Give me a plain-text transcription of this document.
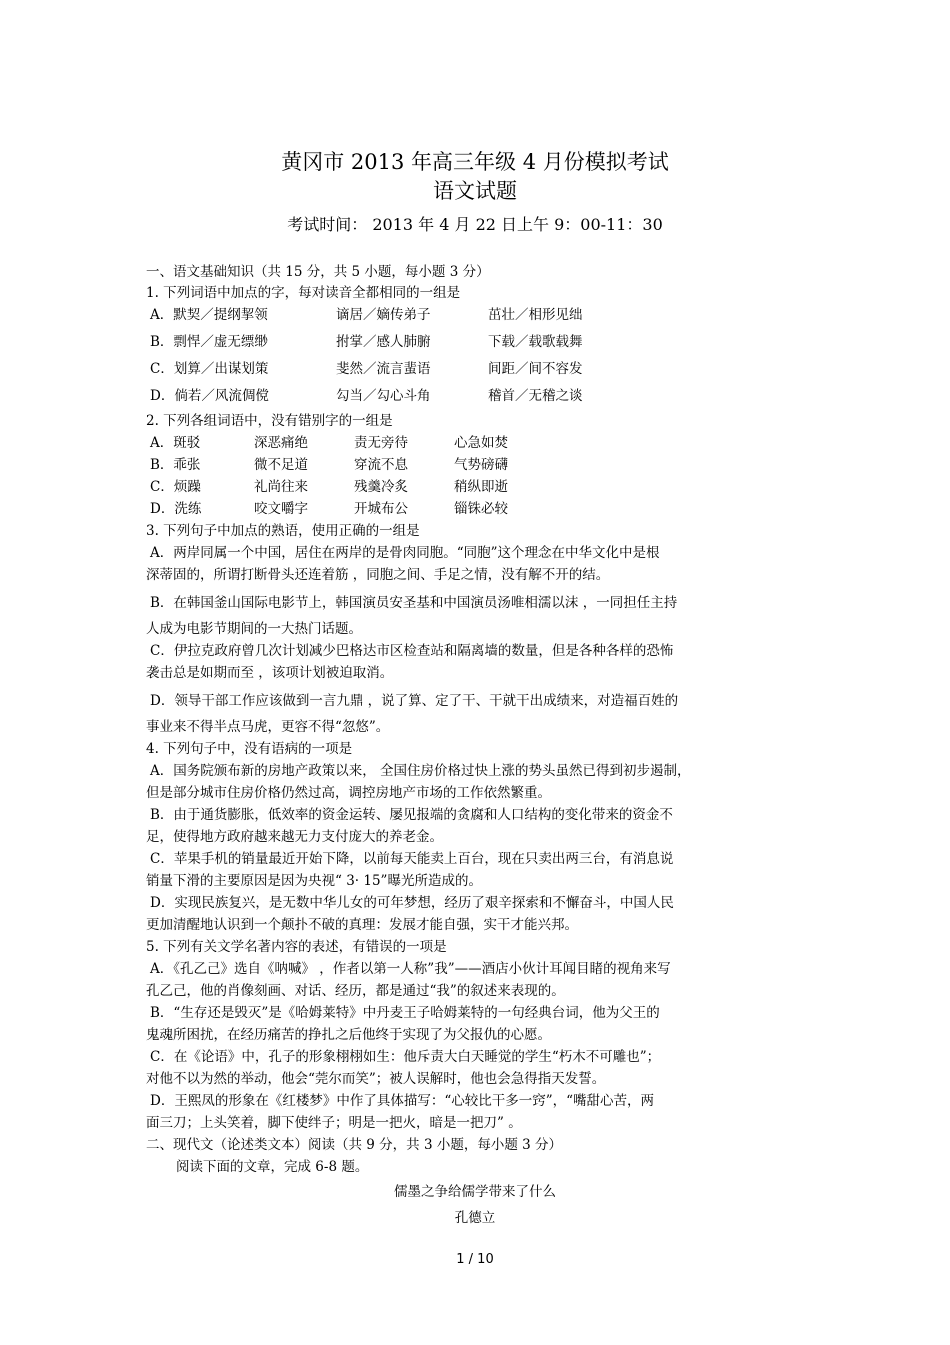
黄冈市 2013 年高三年级 4 月份模拟考试
语文试题
考试时间： 2013 年 4 月 22 日上午 9：00-11：30
一、语文基础知识（共 15 分，共 5 小题，每小题 3 分）
1. 下列词语中加点的字，每对读音全都相同的一组是
A．默契／提纲挈领	谪居／嫡传弟子	茁壮／相形见绌
B．剽悍／虚无缥缈	拊掌／感人肺腑	下载／载歌载舞
C．划算／出谋划策	斐然／流言蜚语	间距／间不容发
D．倘若／风流倜傥	勾当／勾心斗角	稽首／无稽之谈
2. 下列各组词语中，没有错别字的一组是
A．斑驳	深恶痛绝	责无旁待	心急如焚
B．乖张	微不足道	穿流不息	气势磅礴
C．烦躁	礼尚往来	残羹冷炙	稍纵即逝
D．洗练	咬文嚼字	开城布公	锱铢必较
3. 下列句子中加点的熟语，使用正确的一组是
A．两岸同属一个中国，居住在两岸的是骨肉同胞。“同胞”这个理念在中华文化中是根
深蒂固的，所谓打断骨头还连着筋 ，同胞之间、手足之情，没有解不开的结。
B．在韩国釜山国际电影节上，韩国演员安圣基和中国演员汤唯相濡以沫 ，一同担任主持
人成为电影节期间的一大热门话题。
C．伊拉克政府曾几次计划减少巴格达市区检查站和隔离墙的数量，但是各种各样的恐怖
袭击总是如期而至 ，该项计划被迫取消。
D．领导干部工作应该做到一言九鼎 ，说了算、定了干、干就干出成绩来，对造福百姓的
事业来不得半点马虎，更容不得“忽悠”。
4. 下列句子中，没有语病的一项是
A．国务院颁布新的房地产政策以来， 全国住房价格过快上涨的势头虽然已得到初步遏制，
但是部分城市住房价格仍然过高，调控房地产市场的工作依然繁重。
B．由于通货膨胀，低效率的资金运转、屡见报端的贪腐和人口结构的变化带来的资金不
足，使得地方政府越来越无力支付庞大的养老金。
C．苹果手机的销量最近开始下降，以前每天能卖上百台，现在只卖出两三台，有消息说
销量下滑的主要原因是因为央视“ 3· 15”曝光所造成的。
D．实现民族复兴，是无数中华儿女的可年梦想，经历了艰辛探索和不懈奋斗，中国人民
更加清醒地认识到一个颠扑不破的真理：发展才能自强，实干才能兴邦。
5. 下列有关文学名著内容的表述，有错误的一项是
A．《孔乙己》选自《呐喊》 ，作者以第一人称”我”——酒店小伙计耳闻目睹的视角来写
孔乙己，他的肖像刻画、对话、经历，都是通过“我”的叙述来表现的。
B．“生存还是毁灭”是《哈姆莱特》中丹麦王子哈姆莱特的一句经典台词，他为父王的
鬼魂所困扰，在经历痛苦的挣扎之后他终于实现了为父报仇的心愿。
C．在《论语》中，孔子的形象栩栩如生：他斥责大白天睡觉的学生“朽木不可雕也”；
对他不以为然的举动，他会“莞尔而笑”；被人误解时，他也会急得指天发誓。
D．王熙凤的形象在《红楼梦》中作了具体描写：“心较比干多一窍”，“嘴甜心苦，两
面三刀；上头笑着，脚下使绊子；明是一把火，暗是一把刀” 。
二、现代文（论述类文本）阅读（共 9 分，共 3 小题，每小题 3 分）
阅读下面的文章，完成 6-8 题。
儒墨之争给儒学带来了什么
孔德立
1 / 10
